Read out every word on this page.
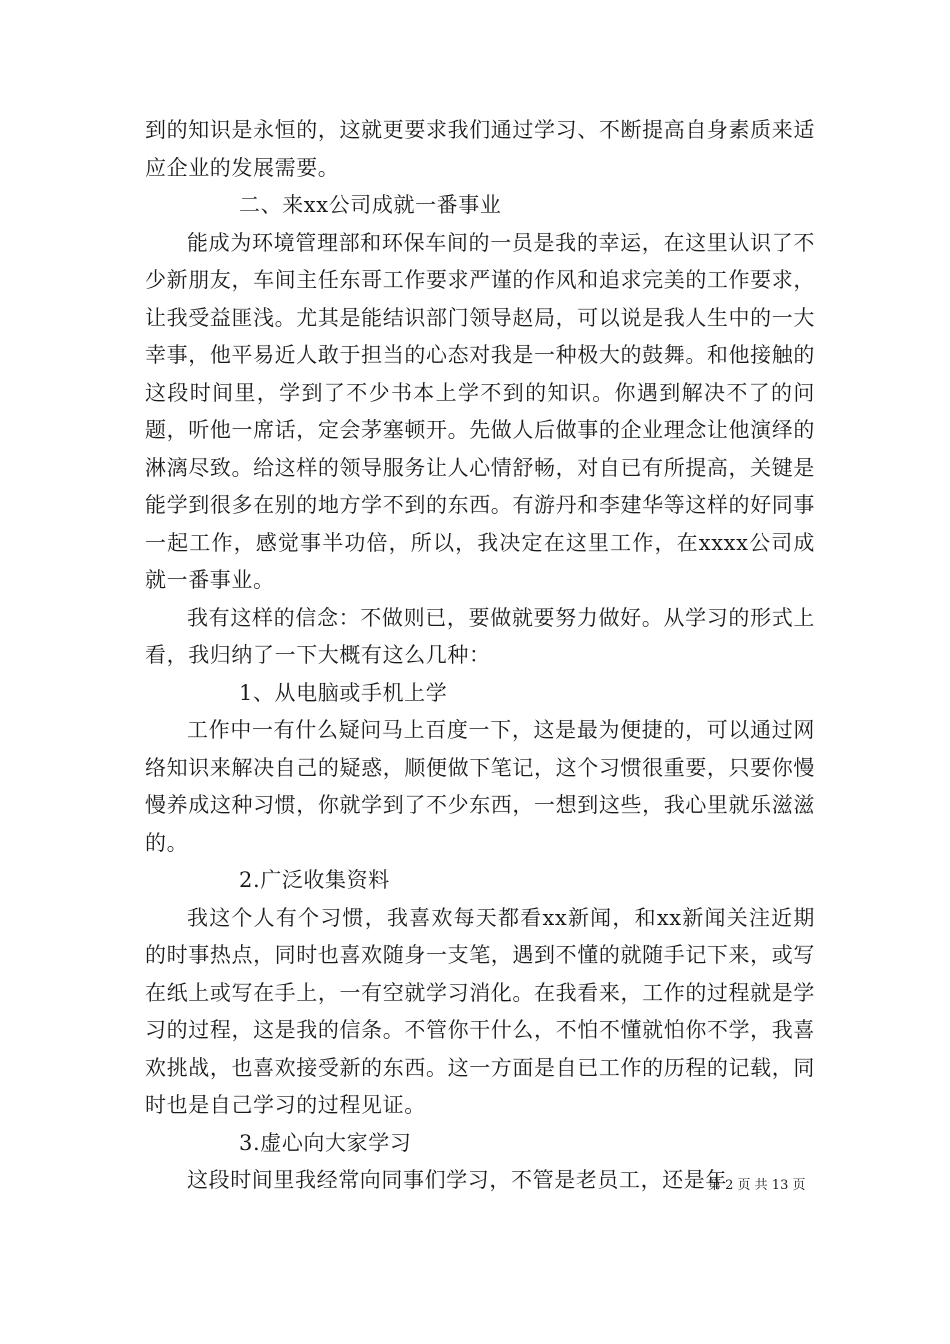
到的知识是永恒的，这就更要求我们通过学习、不断提高自身素质来适应企业的发展需要。

二、来xx公司成就一番事业

能成为环境管理部和环保车间的一员是我的幸运，在这里认识了不少新朋友，车间主任东哥工作要求严谨的作风和追求完美的工作要求，让我受益匪浅。尤其是能结识部门领导赵局，可以说是我人生中的一大幸事，他平易近人敢于担当的心态对我是一种极大的鼓舞。和他接触的这段时间里，学到了不少书本上学不到的知识。你遇到解决不了的问题，听他一席话，定会茅塞顿开。先做人后做事的企业理念让他演绎的淋漓尽致。给这样的领导服务让人心情舒畅，对自已有所提高，关键是能学到很多在别的地方学不到的东西。有游丹和李建华等这样的好同事一起工作，感觉事半功倍，所以，我决定在这里工作，在xxxx公司成就一番事业。

我有这样的信念：不做则已，要做就要努力做好。从学习的形式上看，我归纳了一下大概有这么几种：

1、从电脑或手机上学

工作中一有什么疑问马上百度一下，这是最为便捷的，可以通过网络知识来解决自己的疑惑，顺便做下笔记，这个习惯很重要，只要你慢慢养成这种习惯，你就学到了不少东西，一想到这些，我心里就乐滋滋的。

2.广泛收集资料

我这个人有个习惯，我喜欢每天都看xx新闻，和xx新闻关注近期的时事热点，同时也喜欢随身一支笔，遇到不懂的就随手记下来，或写在纸上或写在手上，一有空就学习消化。在我看来，工作的过程就是学习的过程，这是我的信条。不管你干什么，不怕不懂就怕你不学，我喜欢挑战，也喜欢接受新的东西。这一方面是自已工作的历程的记载，同时也是自己学习的过程见证。

3.虚心向大家学习

这段时间里我经常向同事们学习，不管是老员工，还是年

第 2 页 共 13 页
